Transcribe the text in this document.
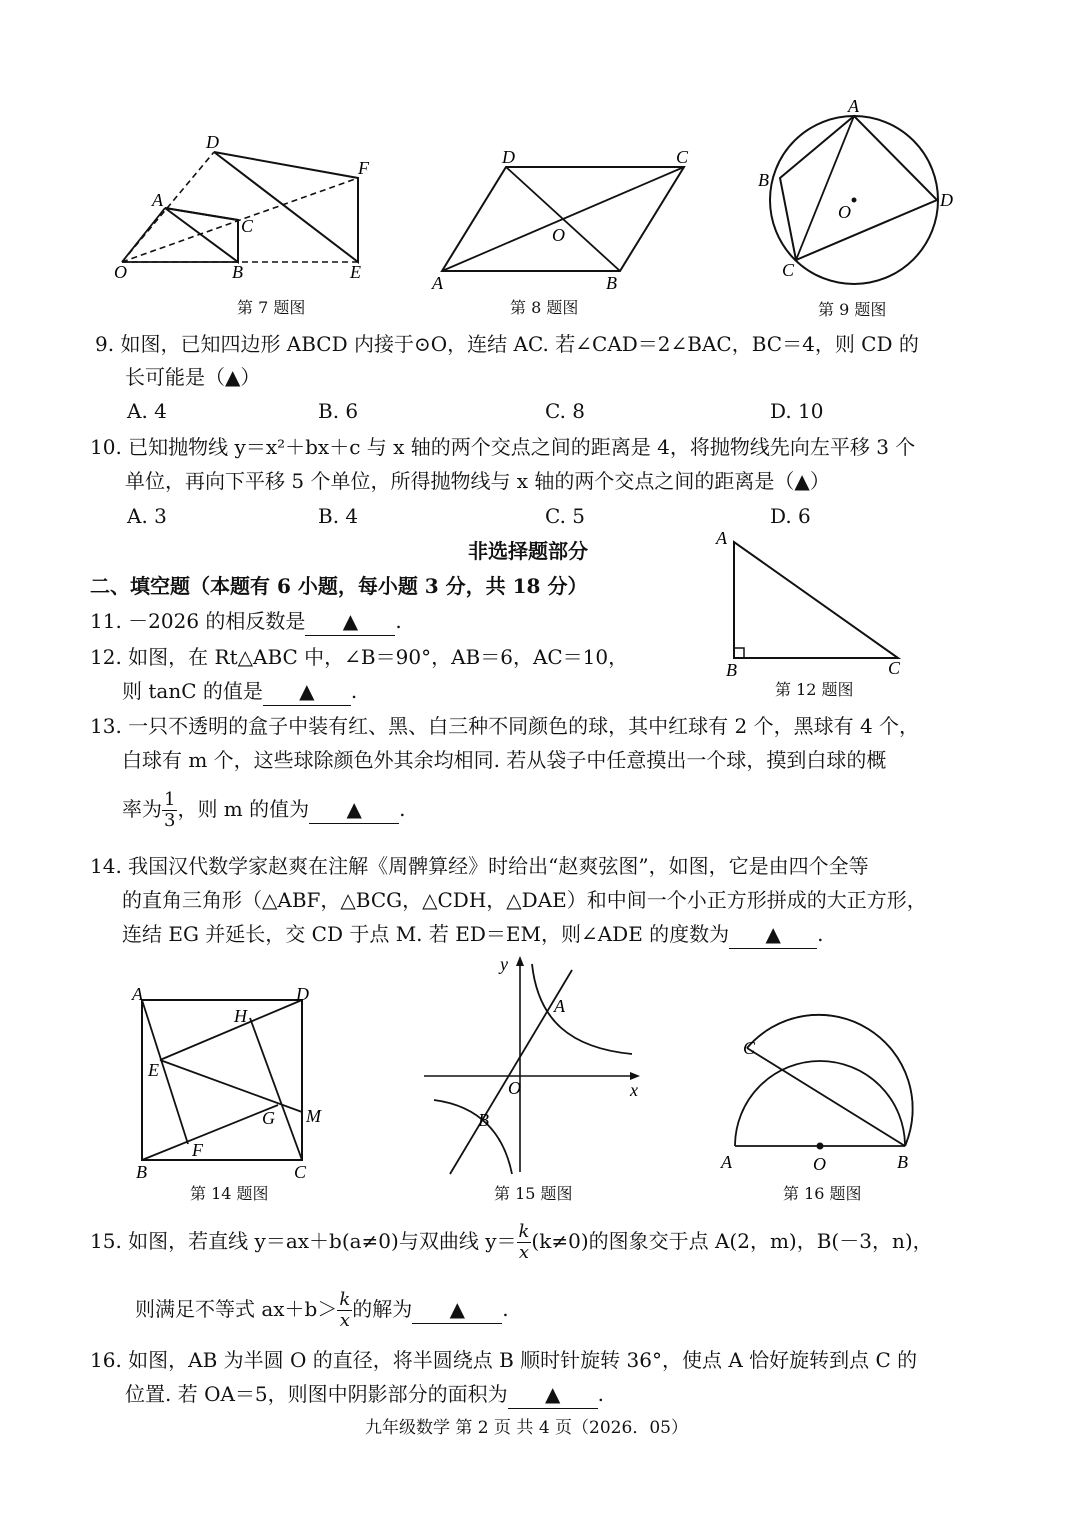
D
F
A
C
O	B	E
第 7 题图
D	C
O
A	B
第 8 题图
A
B
O
D
C
第 9 题图
9. 如图，已知四边形 ABCD 内接于⊙O，连结 AC. 若∠CAD＝2∠BAC，BC＝4，则 CD 的
长可能是（▲）
A. 4	B. 6	C. 8	D. 10
10. 已知抛物线 y＝x²＋bx＋c 与 x 轴的两个交点之间的距离是 4，将抛物线先向左平移 3 个
单位，再向下平移 5 个单位，所得抛物线与 x 轴的两个交点之间的距离是（▲）
A. 3	B. 4	C. 5	D. 6
非选择题部分
二、填空题（本题有 6 小题，每小题 3 分，共 18 分）
A
B	C
第 12 题图
11. －2026 的相反数是 ▲ .
12. 如图，在 Rt△ABC 中，∠B＝90°，AB＝6，AC＝10，
则 tanC 的值是 ▲ .
13. 一只不透明的盒子中装有红、黑、白三种不同颜色的球，其中红球有 2 个，黑球有 4 个，
白球有 m 个，这些球除颜色外其余均相同. 若从袋子中任意摸出一个球，摸到白球的概
率为 $\frac{1}{3}$ ，则 m 的值为 ▲ .
14. 我国汉代数学家赵爽在注解《周髀算经》时给出“赵爽弦图”，如图，它是由四个全等
的直角三角形（△ABF，△BCG，△CDH，△DAE）和中间一个小正方形拼成的大正方形，
连结 EG 并延长，交 CD 于点 M. 若 ED＝EM，则∠ADE 的度数为 ▲ .
A	D
H
E
G M
F
B	C
第 14 题图
y
A
O	x
B
第 15 题图
C
A	O	B
第 16 题图
15. 如图，若直线 y＝ax＋b(a≠0)与双曲线 $y= \frac{k}{x} (k\ne 0)$的图象交于点 A(2，m)，B(－3，n)，
则满足不等式 $ax+b> \frac{k}{x}$ 的解为 ▲ .
16. 如图，AB 为半圆 O 的直径，将半圆绕点 B 顺时针旋转 36°，使点 A 恰好旋转到点 C 的
位置. 若 OA＝5，则图中阴影部分的面积为 ▲ .
九年级数学 第 2 页 共 4 页（2026．05）
